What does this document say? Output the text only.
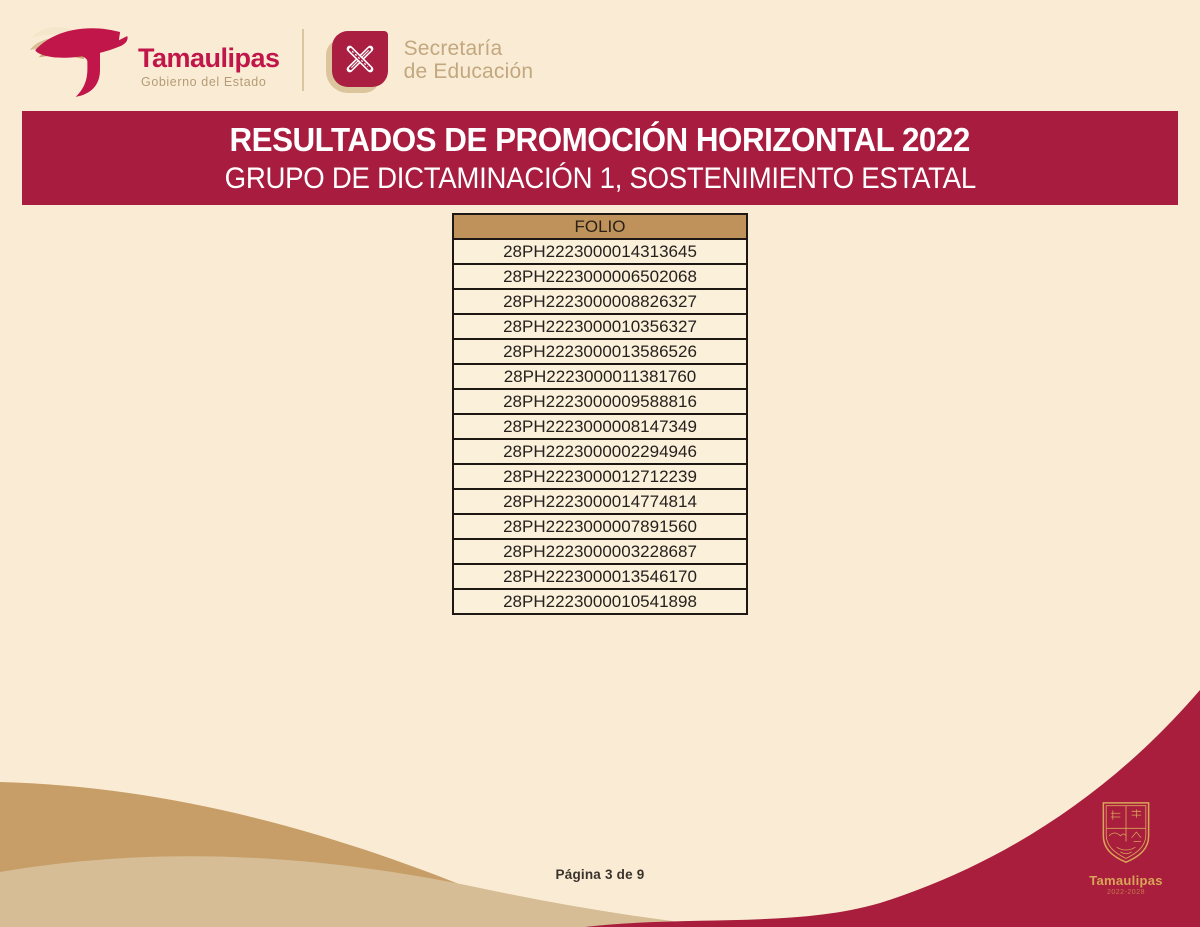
Tamaulipas
Gobierno del Estado
Secretaría
de Educación
RESULTADOS DE PROMOCIÓN HORIZONTAL 2022
GRUPO DE DICTAMINACIÓN 1, SOSTENIMIENTO ESTATAL
FOLIO
28PH2223000014313645
28PH2223000006502068
28PH2223000008826327
28PH2223000010356327
28PH2223000013586526
28PH2223000011381760
28PH2223000009588816
28PH2223000008147349
28PH2223000002294946
28PH2223000012712239
28PH2223000014774814
28PH2223000007891560
28PH2223000003228687
28PH2223000013546170
28PH2223000010541898
Página 3 de 9	Tamaulipas
2022-2028
